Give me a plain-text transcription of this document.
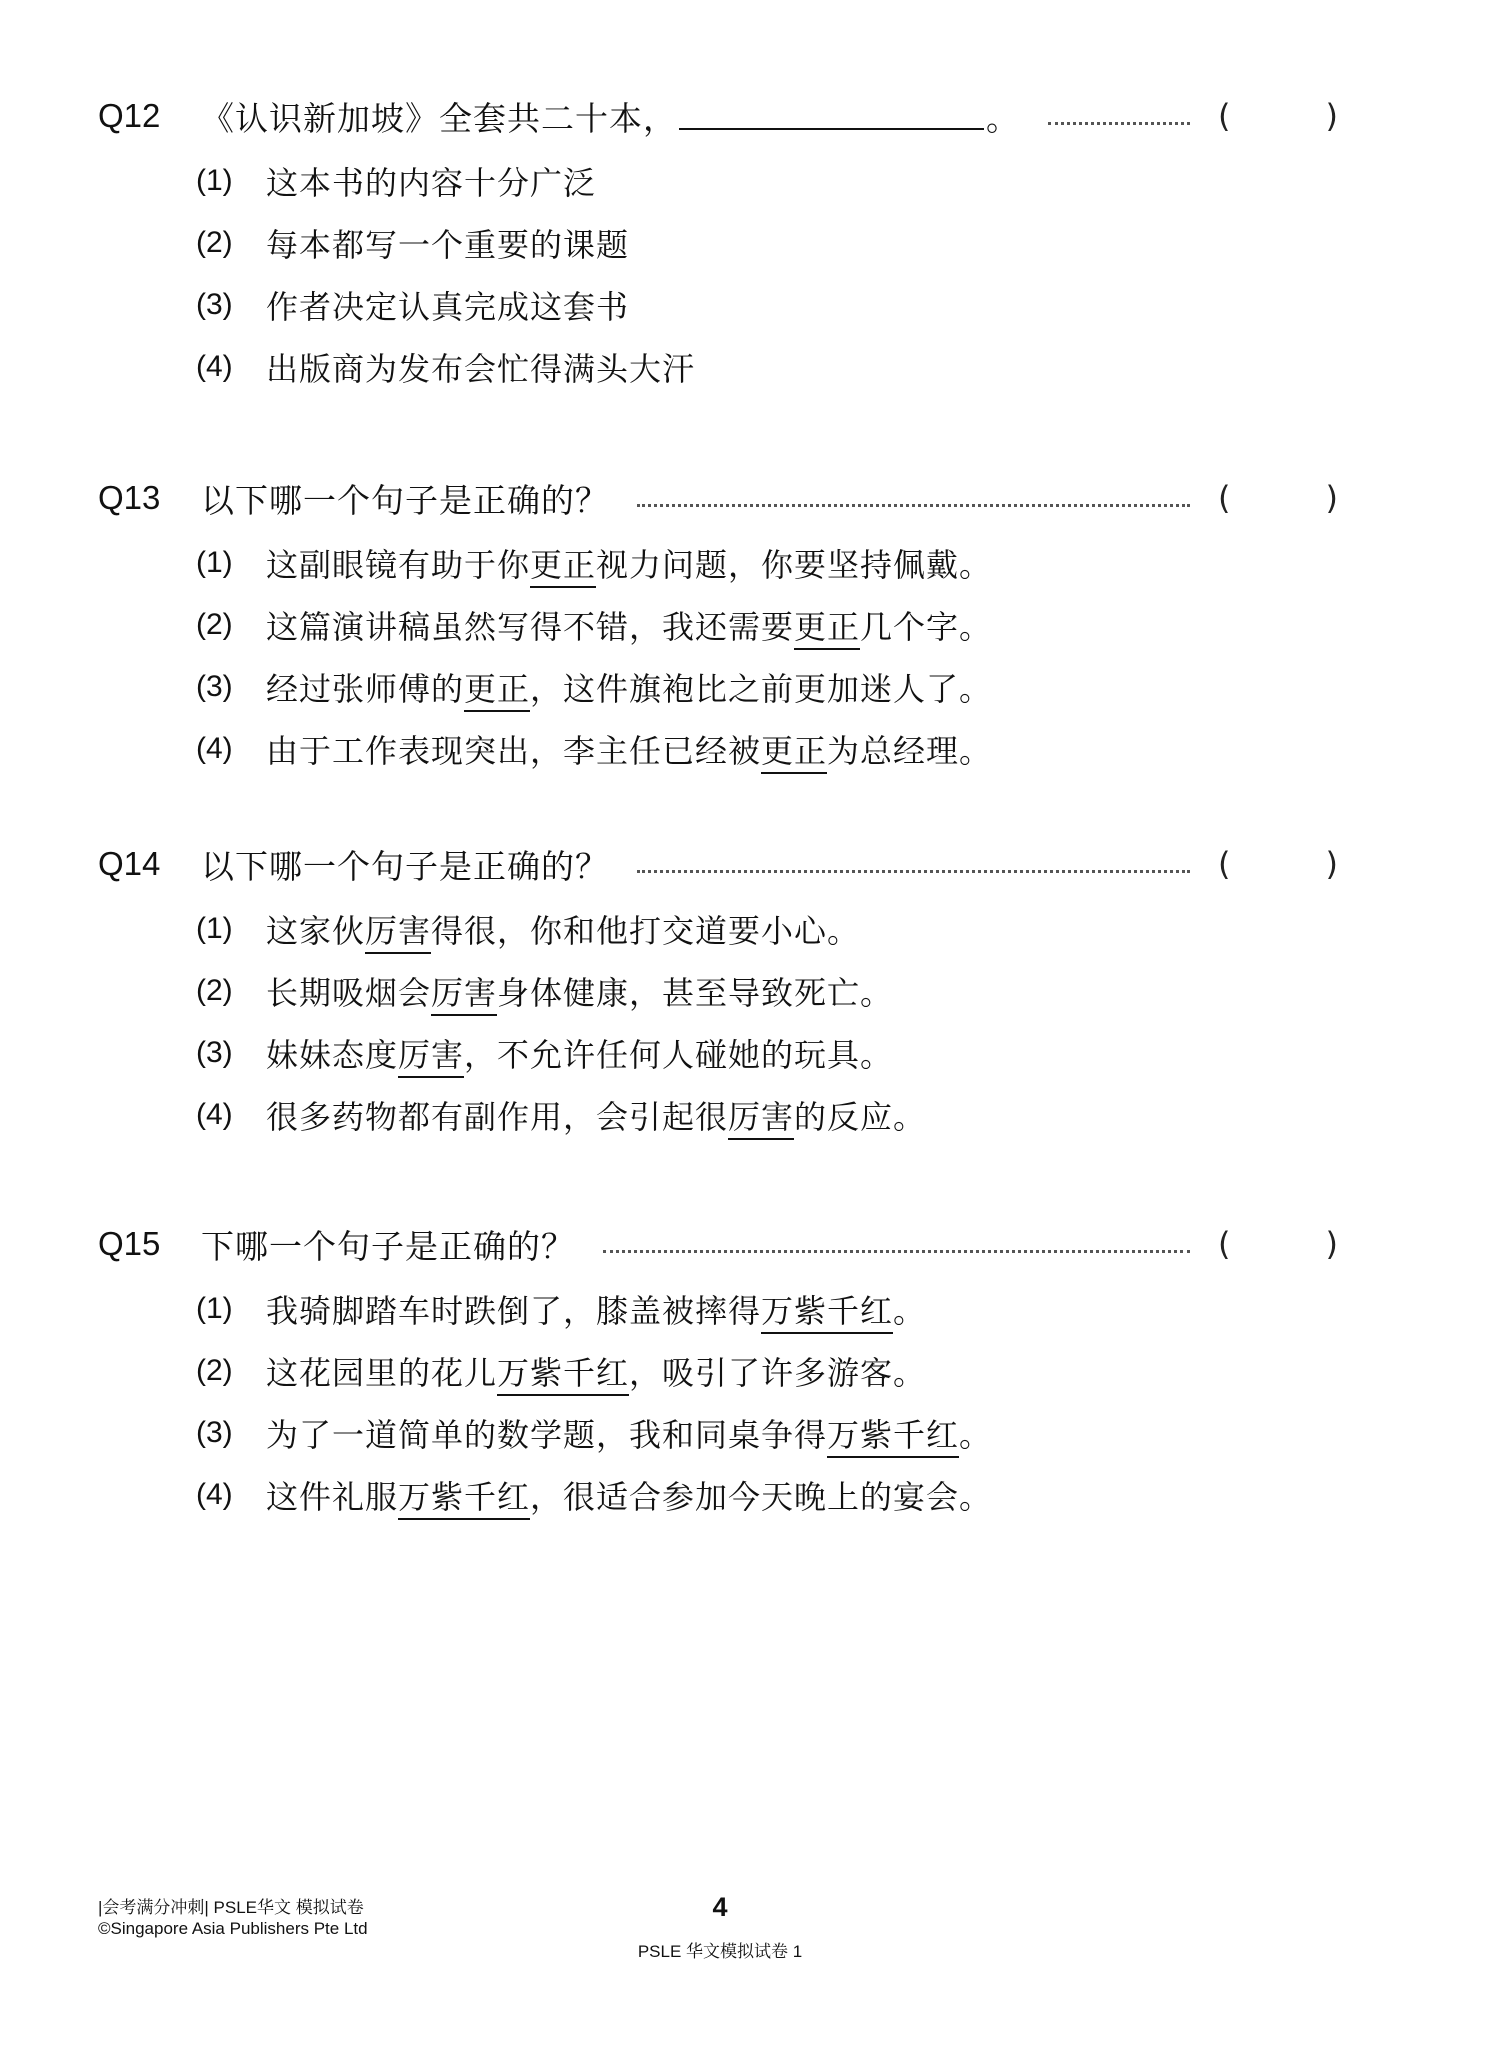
Q12	《认识新加坡》全套共二十本，	。	(	)
(1)	这本书的内容十分广泛
(2)	每本都写一个重要的课题
(3)	作者决定认真完成这套书
(4)	出版商为发布会忙得满头大汗
Q13	以下哪一个句子是正确的？	(	)
(1)	这副眼镜有助于你更正视力问题，你要坚持佩戴。
(2)	这篇演讲稿虽然写得不错，我还需要更正几个字。
(3)	经过张师傅的更正，这件旗袍比之前更加迷人了。
(4)	由于工作表现突出，李主任已经被更正为总经理。
Q14	以下哪一个句子是正确的？	(	)
(1)	这家伙厉害得很，你和他打交道要小心。
(2)	长期吸烟会厉害身体健康，甚至导致死亡。
(3)	妹妹态度厉害，不允许任何人碰她的玩具。
(4)	很多药物都有副作用，会引起很厉害的反应。
Q15	下哪一个句子是正确的？	(	)
(1)	我骑脚踏车时跌倒了，膝盖被摔得万紫千红。
(2)	这花园里的花儿万紫千红，吸引了许多游客。
(3)	为了一道简单的数学题，我和同桌争得万紫千红。
(4)	这件礼服万紫千红，很适合参加今天晚上的宴会。
|会考满分冲刺| PSLE华文 模拟试卷
©Singapore Asia Publishers Pte Ltd
4
PSLE 华文模拟试卷 1
